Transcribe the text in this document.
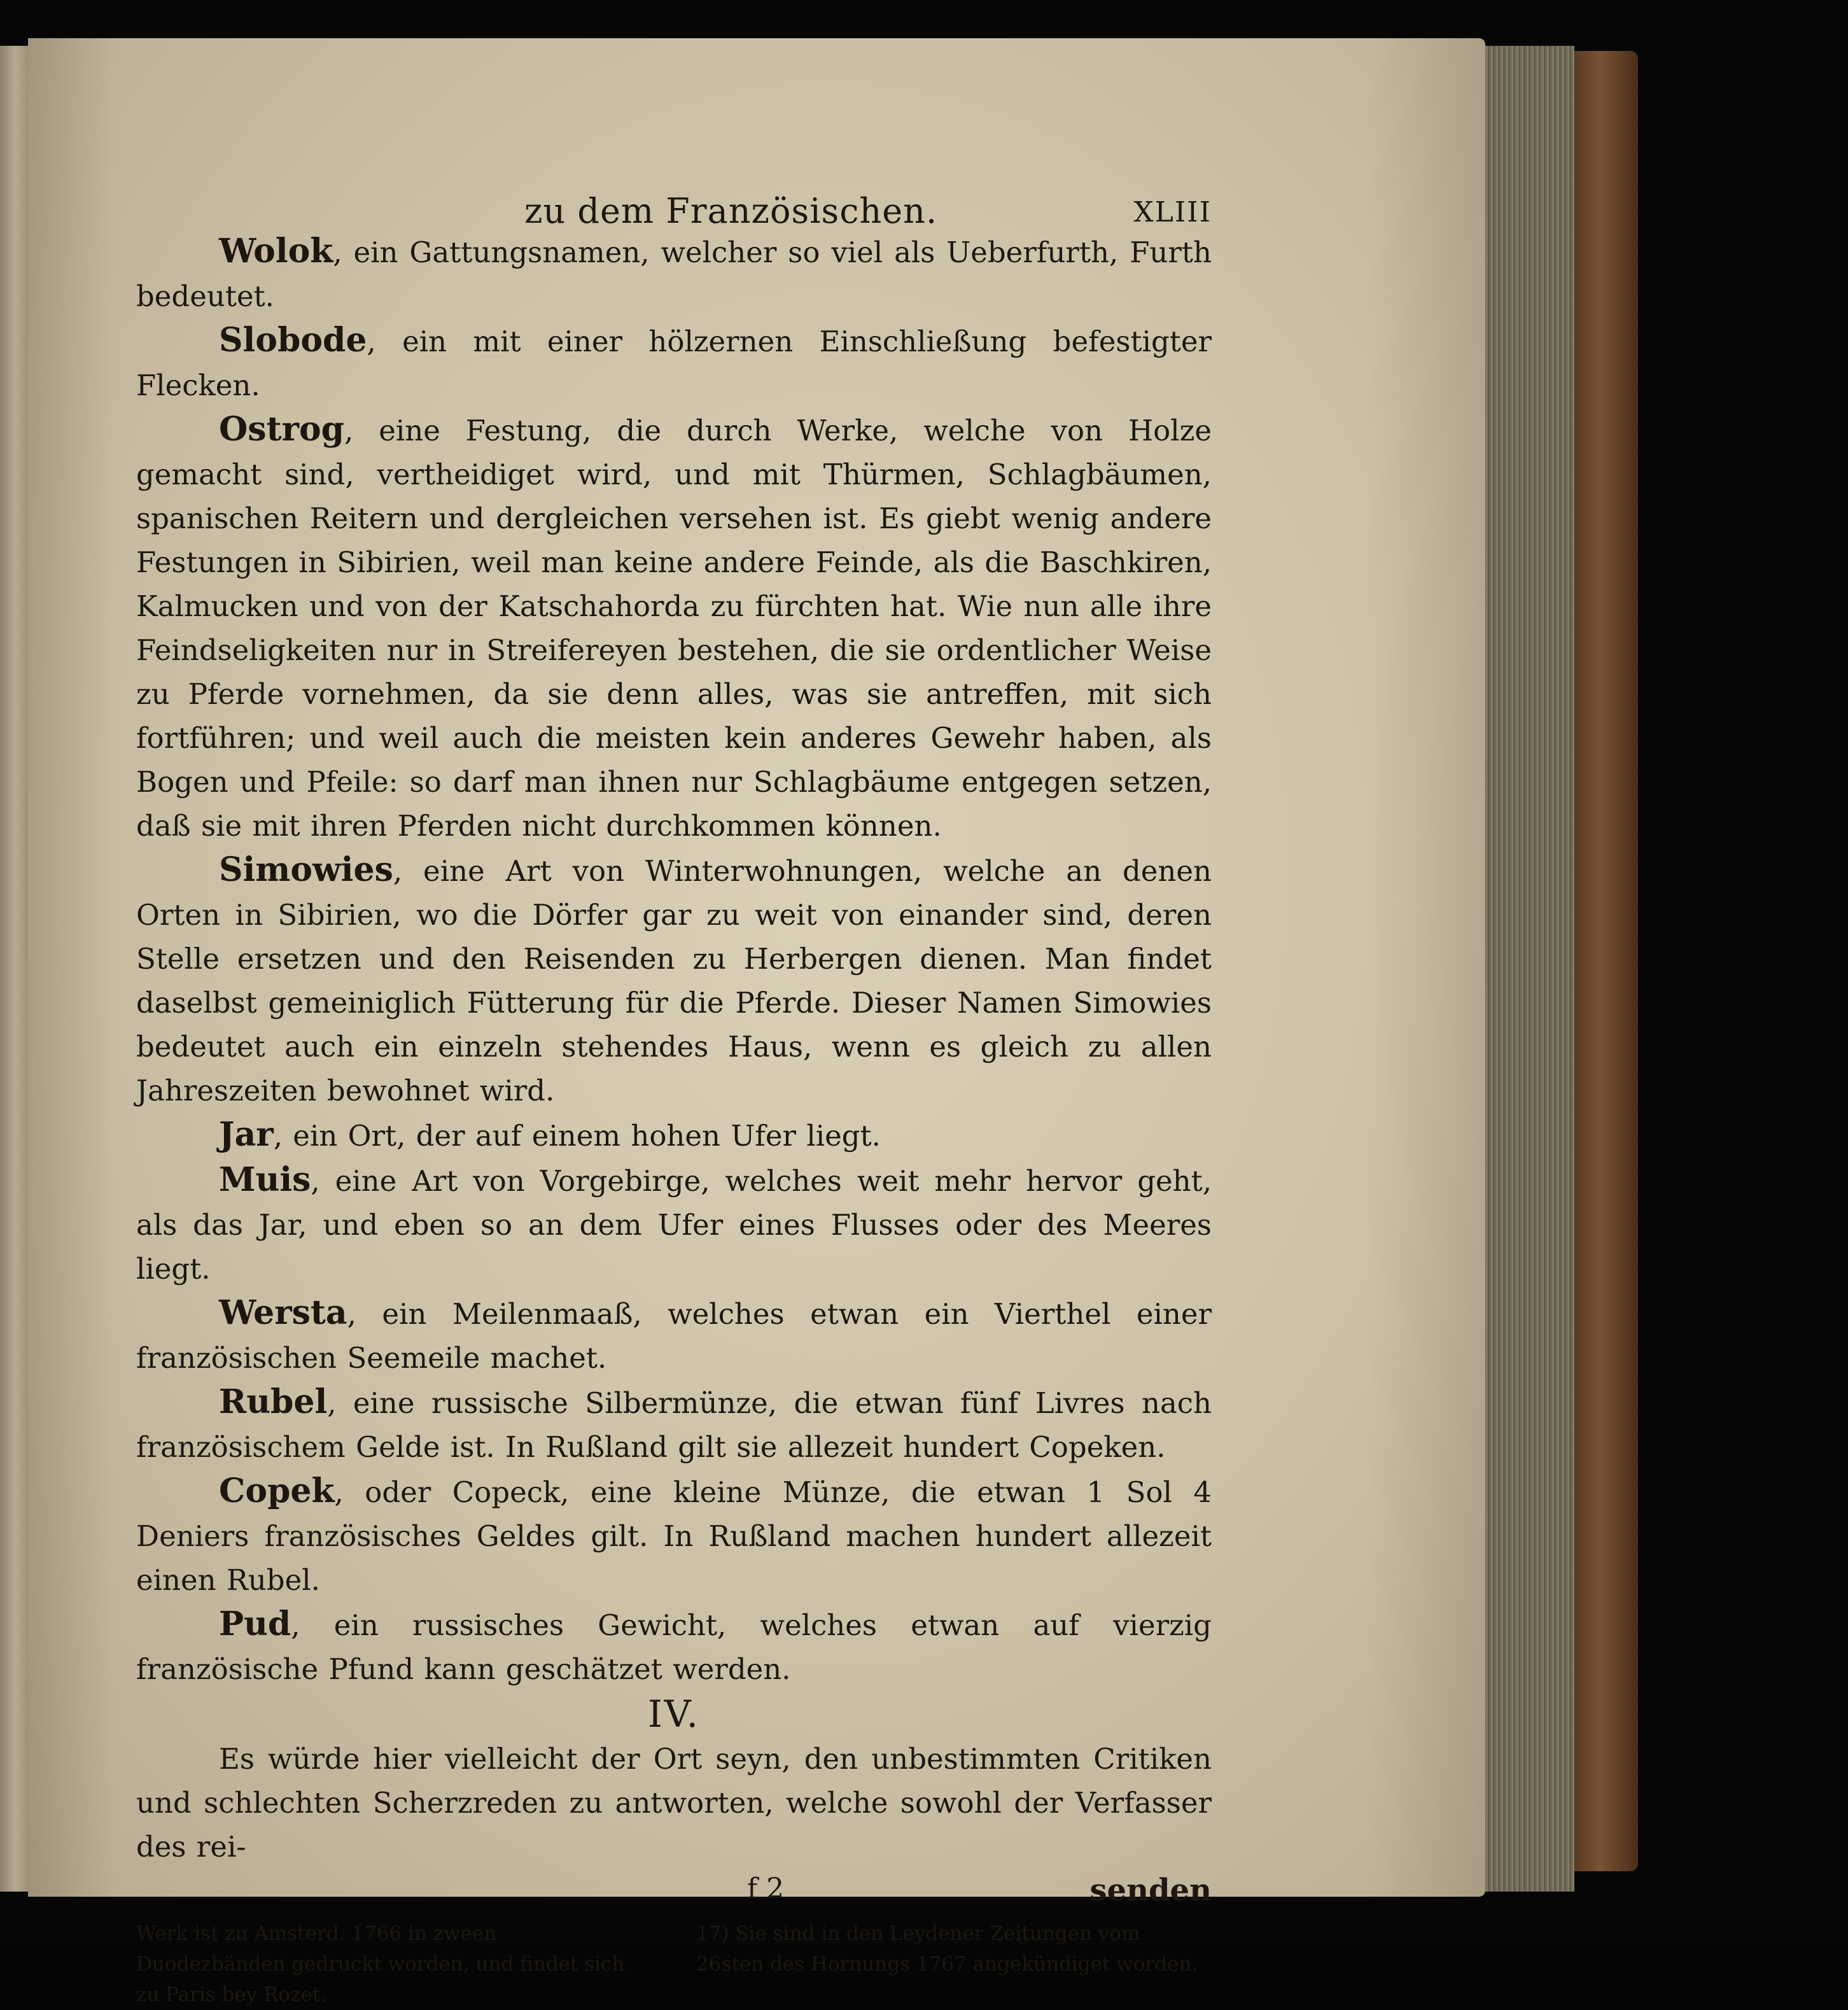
zu dem Französischen.	XLIII

Wolok, ein Gattungsnamen, welcher so viel als Ueberfurth, Furth bedeutet.

Slobode, ein mit einer hölzernen Einschließung befestigter Flecken.

Ostrog, eine Festung, die durch Werke, welche von Holze gemacht sind, vertheidiget wird, und mit Thürmen, Schlagbäumen, spanischen Reitern und dergleichen versehen ist. Es giebt wenig andere Festungen in Sibirien, weil man keine andere Feinde, als die Baschkiren, Kalmucken und von der Katschahorda zu fürchten hat. Wie nun alle ihre Feindseligkeiten nur in Streifereyen bestehen, die sie ordentlicher Weise zu Pferde vornehmen, da sie denn alles, was sie antreffen, mit sich fortführen; und weil auch die meisten kein anderes Gewehr haben, als Bogen und Pfeile: so darf man ihnen nur Schlagbäume entgegen setzen, daß sie mit ihren Pferden nicht durchkommen können.

Simowies, eine Art von Winterwohnungen, welche an denen Orten in Sibirien, wo die Dörfer gar zu weit von einander sind, deren Stelle ersetzen und den Reisenden zu Herbergen dienen. Man findet daselbst gemeiniglich Fütterung für die Pferde. Dieser Namen Simowies bedeutet auch ein einzeln stehendes Haus, wenn es gleich zu allen Jahreszeiten bewohnet wird.

Jar, ein Ort, der auf einem hohen Ufer liegt.

Muis, eine Art von Vorgebirge, welches weit mehr hervor geht, als das Jar, und eben so an dem Ufer eines Flusses oder des Meeres liegt.

Wersta, ein Meilenmaaß, welches etwan ein Vierthel einer französischen Seemeile machet.

Rubel, eine russische Silbermünze, die etwan fünf Livres nach französischem Gelde ist. In Rußland gilt sie allezeit hundert Copeken.

Copek, oder Copeck, eine kleine Münze, die etwan 1 Sol 4 Deniers französisches Geldes gilt. In Rußland machen hundert allezeit einen Rubel.

Pud, ein russisches Gewicht, welches etwan auf vierzig französische Pfund kann geschätzet werden.

IV.

Es würde hier vielleicht der Ort seyn, den unbestimmten Critiken und schlechten Scherzreden zu antworten, welche sowohl der Verfasser des rei-

f 2	senden
Werk ist zu Amsterd. 1766 in zween Duodezbänden gedruckt worden, und findet sich zu Paris bey Rozet.
17) Sie sind in den Leydener Zeitungen vom 26sten des Hornungs 1767 angekündiget worden.
